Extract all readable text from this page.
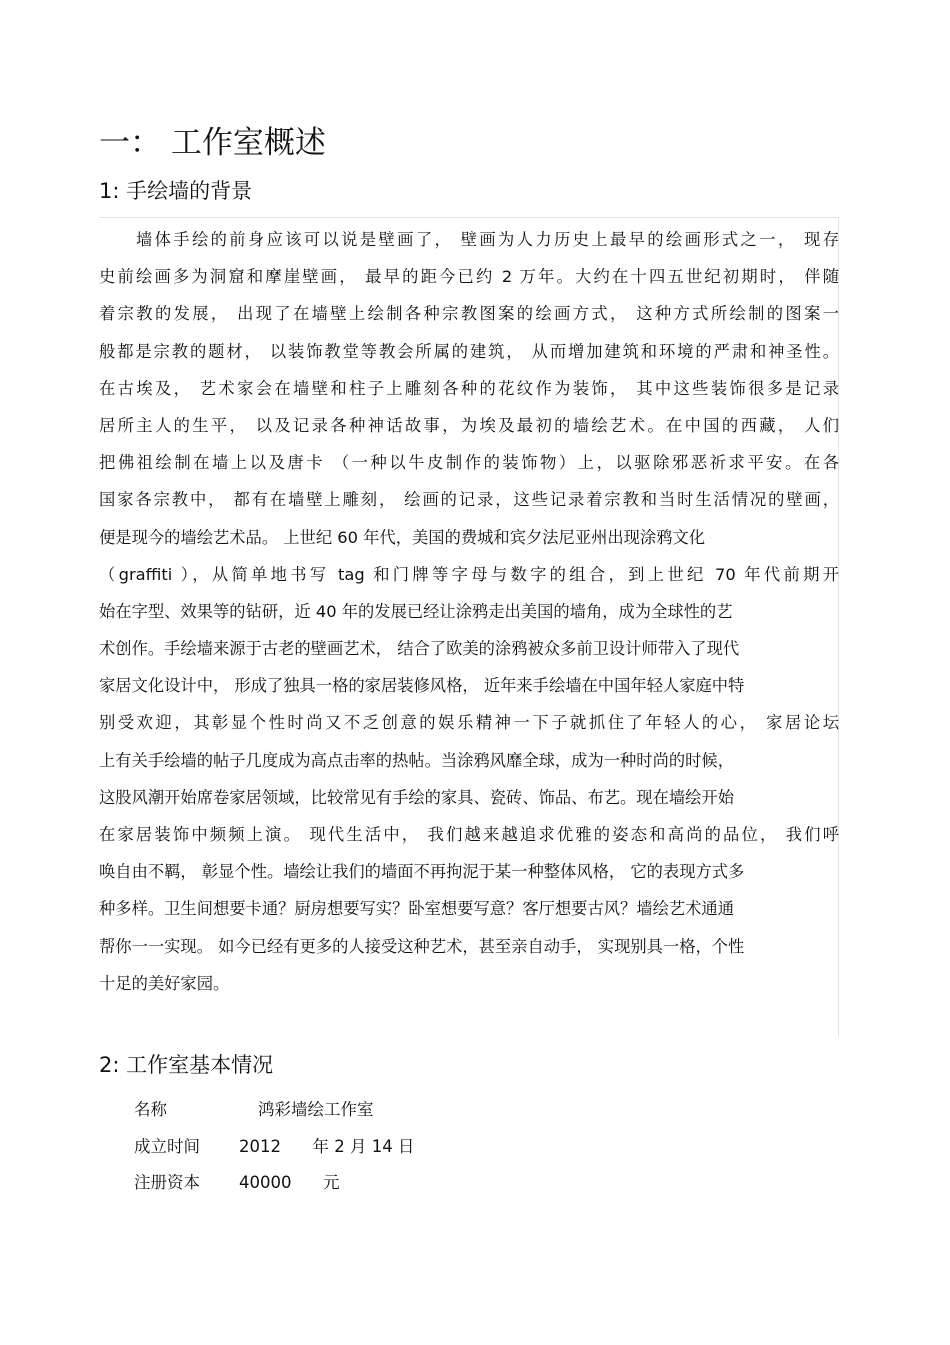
一： 工作室概述
1: 手绘墙的背景
墙体手绘的前身应该可以说是壁画了， 壁画为人力历史上最早的绘画形式之一， 现存
史前绘画多为洞窟和摩崖壁画， 最早的距今已约 2 万年。大约在十四五世纪初期时， 伴随
着宗教的发展， 出现了在墙壁上绘制各种宗教图案的绘画方式， 这种方式所绘制的图案一
般都是宗教的题材， 以装饰教堂等教会所属的建筑， 从而增加建筑和环境的严肃和神圣性。
在古埃及， 艺术家会在墙壁和柱子上雕刻各种的花纹作为装饰， 其中这些装饰很多是记录
居所主人的生平， 以及记录各种神话故事，为埃及最初的墙绘艺术。在中国的西藏， 人们
把佛祖绘制在墙上以及唐卡 （一种以牛皮制作的装饰物）上，以驱除邪恶祈求平安。在各
国家各宗教中， 都有在墙壁上雕刻， 绘画的记录，这些记录着宗教和当时生活情况的壁画，
便是现今的墙绘艺术品。 上世纪 60 年代，美国的费城和宾夕法尼亚州出现涂鸦文化
（graffiti ），从简单地书写 tag 和门牌等字母与数字的组合，到上世纪 70 年代前期开
始在字型、效果等的钻研，近 40 年的发展已经让涂鸦走出美国的墙角，成为全球性的艺
术创作。手绘墙来源于古老的壁画艺术， 结合了欧美的涂鸦被众多前卫设计师带入了现代
家居文化设计中， 形成了独具一格的家居装修风格， 近年来手绘墙在中国年轻人家庭中特
别受欢迎，其彰显个性时尚又不乏创意的娱乐精神一下子就抓住了年轻人的心， 家居论坛
上有关手绘墙的帖子几度成为高点击率的热帖。当涂鸦风靡全球，成为一种时尚的时候，
这股风潮开始席卷家居领域，比较常见有手绘的家具、瓷砖、饰品、布艺。现在墙绘开始
在家居装饰中频频上演。 现代生活中， 我们越来越追求优雅的姿态和高尚的品位， 我们呼
唤自由不羁， 彰显个性。墙绘让我们的墙面不再拘泥于某一种整体风格， 它的表现方式多
种多样。卫生间想要卡通？厨房想要写实？卧室想要写意？客厅想要古风？墙绘艺术通通
帮你一一实现。 如今已经有更多的人接受这种艺术，甚至亲自动手， 实现别具一格，个性
十足的美好家园。
2: 工作室基本情况
名称	鸿彩墙绘工作室
成立时间 2012      年 2 月 14 日
注册资本 40000      元
